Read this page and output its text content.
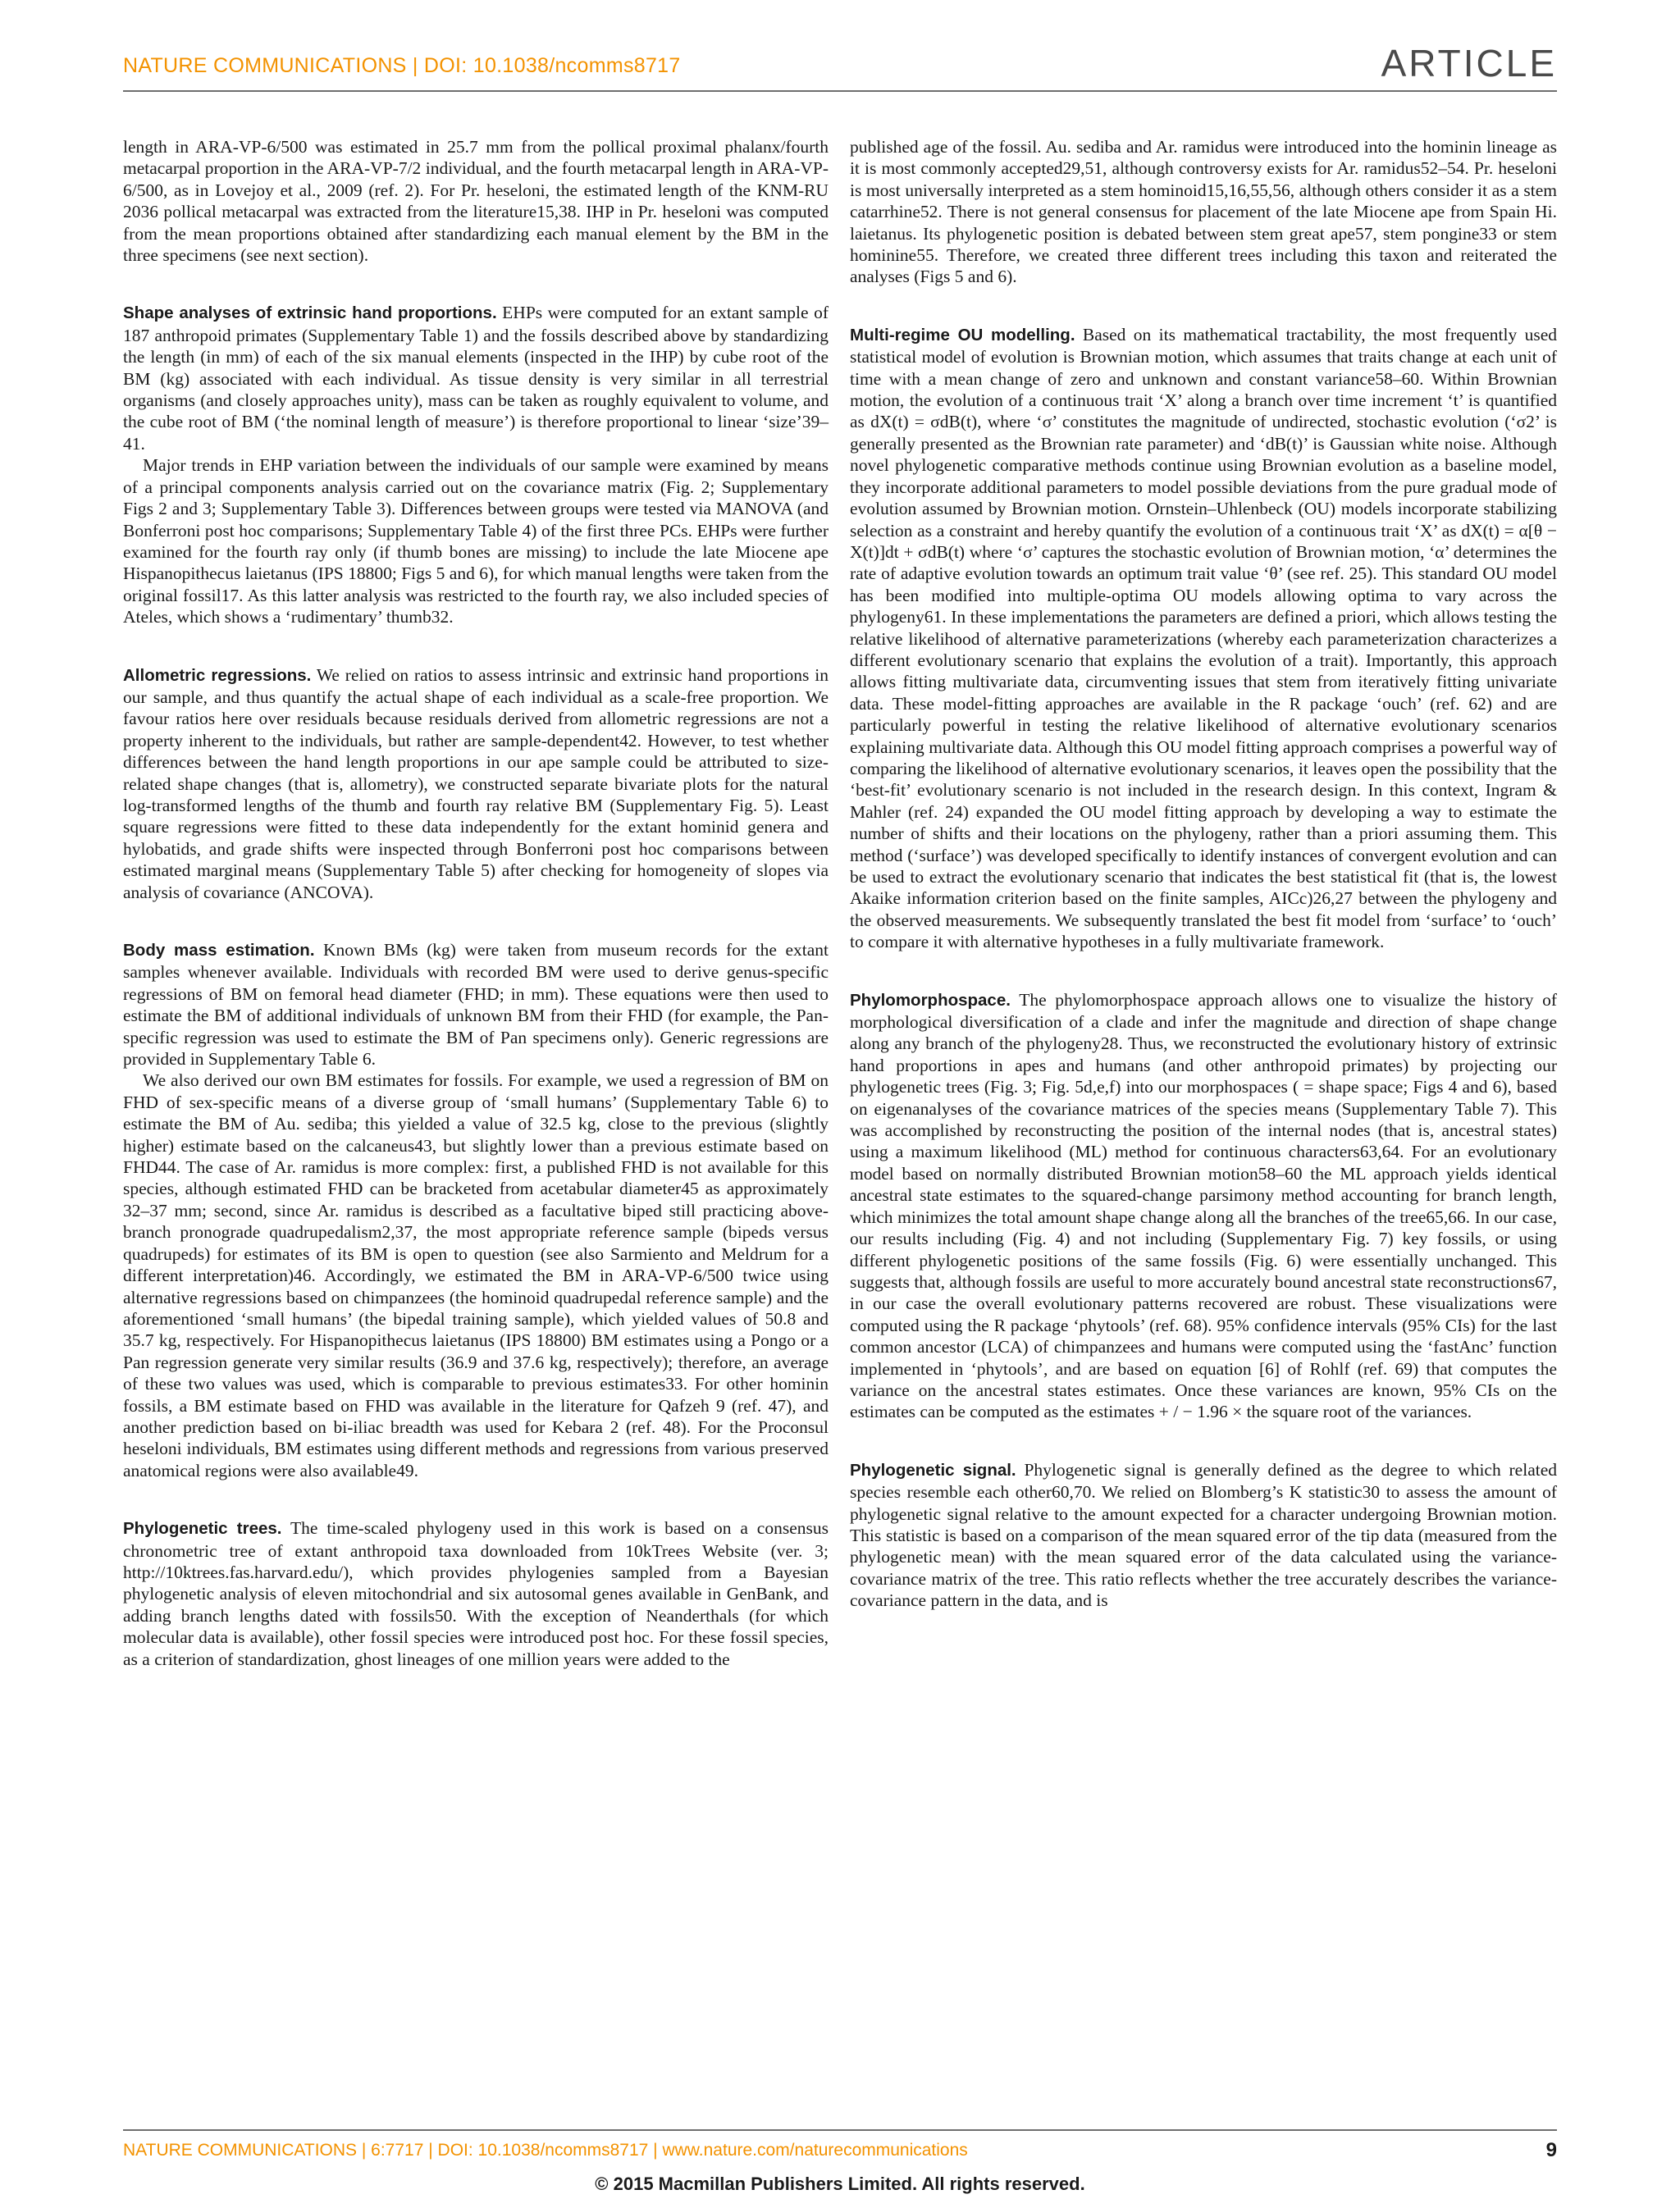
NATURE COMMUNICATIONS | DOI: 10.1038/ncomms8717	ARTICLE

length in ARA-VP-6/500 was estimated in 25.7 mm from the pollical proximal phalanx/fourth metacarpal proportion in the ARA-VP-7/2 individual, and the fourth metacarpal length in ARA-VP-6/500, as in Lovejoy et al., 2009 (ref. 2). For Pr. heseloni, the estimated length of the KNM-RU 2036 pollical metacarpal was extracted from the literature15,38. IHP in Pr. heseloni was computed from the mean proportions obtained after standardizing each manual element by the BM in the three specimens (see next section).

Shape analyses of extrinsic hand proportions. EHPs were computed for an extant sample of 187 anthropoid primates (Supplementary Table 1) and the fossils described above by standardizing the length (in mm) of each of the six manual elements (inspected in the IHP) by cube root of the BM (kg) associated with each individual. As tissue density is very similar in all terrestrial organisms (and closely approaches unity), mass can be taken as roughly equivalent to volume, and the cube root of BM (‘the nominal length of measure’) is therefore proportional to linear ‘size’39–41.

Major trends in EHP variation between the individuals of our sample were examined by means of a principal components analysis carried out on the covariance matrix (Fig. 2; Supplementary Figs 2 and 3; Supplementary Table 3). Differences between groups were tested via MANOVA (and Bonferroni post hoc comparisons; Supplementary Table 4) of the first three PCs. EHPs were further examined for the fourth ray only (if thumb bones are missing) to include the late Miocene ape Hispanopithecus laietanus (IPS 18800; Figs 5 and 6), for which manual lengths were taken from the original fossil17. As this latter analysis was restricted to the fourth ray, we also included species of Ateles, which shows a ‘rudimentary’ thumb32.

Allometric regressions. We relied on ratios to assess intrinsic and extrinsic hand proportions in our sample, and thus quantify the actual shape of each individual as a scale-free proportion. We favour ratios here over residuals because residuals derived from allometric regressions are not a property inherent to the individuals, but rather are sample-dependent42. However, to test whether differences between the hand length proportions in our ape sample could be attributed to size-related shape changes (that is, allometry), we constructed separate bivariate plots for the natural log-transformed lengths of the thumb and fourth ray relative BM (Supplementary Fig. 5). Least square regressions were fitted to these data independently for the extant hominid genera and hylobatids, and grade shifts were inspected through Bonferroni post hoc comparisons between estimated marginal means (Supplementary Table 5) after checking for homogeneity of slopes via analysis of covariance (ANCOVA).

Body mass estimation. Known BMs (kg) were taken from museum records for the extant samples whenever available. Individuals with recorded BM were used to derive genus-specific regressions of BM on femoral head diameter (FHD; in mm). These equations were then used to estimate the BM of additional individuals of unknown BM from their FHD (for example, the Pan-specific regression was used to estimate the BM of Pan specimens only). Generic regressions are provided in Supplementary Table 6.

We also derived our own BM estimates for fossils. For example, we used a regression of BM on FHD of sex-specific means of a diverse group of ‘small humans’ (Supplementary Table 6) to estimate the BM of Au. sediba; this yielded a value of 32.5 kg, close to the previous (slightly higher) estimate based on the calcaneus43, but slightly lower than a previous estimate based on FHD44. The case of Ar. ramidus is more complex: first, a published FHD is not available for this species, although estimated FHD can be bracketed from acetabular diameter45 as approximately 32–37 mm; second, since Ar. ramidus is described as a facultative biped still practicing above-branch pronograde quadrupedalism2,37, the most appropriate reference sample (bipeds versus quadrupeds) for estimates of its BM is open to question (see also Sarmiento and Meldrum for a different interpretation)46. Accordingly, we estimated the BM in ARA-VP-6/500 twice using alternative regressions based on chimpanzees (the hominoid quadrupedal reference sample) and the aforementioned ‘small humans’ (the bipedal training sample), which yielded values of 50.8 and 35.7 kg, respectively. For Hispanopithecus laietanus (IPS 18800) BM estimates using a Pongo or a Pan regression generate very similar results (36.9 and 37.6 kg, respectively); therefore, an average of these two values was used, which is comparable to previous estimates33. For other hominin fossils, a BM estimate based on FHD was available in the literature for Qafzeh 9 (ref. 47), and another prediction based on bi-iliac breadth was used for Kebara 2 (ref. 48). For the Proconsul heseloni individuals, BM estimates using different methods and regressions from various preserved anatomical regions were also available49.

Phylogenetic trees. The time-scaled phylogeny used in this work is based on a consensus chronometric tree of extant anthropoid taxa downloaded from 10kTrees Website (ver. 3; http://10ktrees.fas.harvard.edu/), which provides phylogenies sampled from a Bayesian phylogenetic analysis of eleven mitochondrial and six autosomal genes available in GenBank, and adding branch lengths dated with fossils50. With the exception of Neanderthals (for which molecular data is available), other fossil species were introduced post hoc. For these fossil species, as a criterion of standardization, ghost lineages of one million years were added to the

published age of the fossil. Au. sediba and Ar. ramidus were introduced into the hominin lineage as it is most commonly accepted29,51, although controversy exists for Ar. ramidus52–54. Pr. heseloni is most universally interpreted as a stem hominoid15,16,55,56, although others consider it as a stem catarrhine52. There is not general consensus for placement of the late Miocene ape from Spain Hi. laietanus. Its phylogenetic position is debated between stem great ape57, stem pongine33 or stem hominine55. Therefore, we created three different trees including this taxon and reiterated the analyses (Figs 5 and 6).

Multi-regime OU modelling. Based on its mathematical tractability, the most frequently used statistical model of evolution is Brownian motion, which assumes that traits change at each unit of time with a mean change of zero and unknown and constant variance58–60. Within Brownian motion, the evolution of a continuous trait ‘X’ along a branch over time increment ‘t’ is quantified as dX(t) = σdB(t), where ‘σ’ constitutes the magnitude of undirected, stochastic evolution (‘σ2’ is generally presented as the Brownian rate parameter) and ‘dB(t)’ is Gaussian white noise. Although novel phylogenetic comparative methods continue using Brownian evolution as a baseline model, they incorporate additional parameters to model possible deviations from the pure gradual mode of evolution assumed by Brownian motion. Ornstein–Uhlenbeck (OU) models incorporate stabilizing selection as a constraint and hereby quantify the evolution of a continuous trait ‘X’ as dX(t) = α[θ − X(t)]dt + σdB(t) where ‘σ’ captures the stochastic evolution of Brownian motion, ‘α’ determines the rate of adaptive evolution towards an optimum trait value ‘θ’ (see ref. 25). This standard OU model has been modified into multiple-optima OU models allowing optima to vary across the phylogeny61. In these implementations the parameters are defined a priori, which allows testing the relative likelihood of alternative parameterizations (whereby each parameterization characterizes a different evolutionary scenario that explains the evolution of a trait). Importantly, this approach allows fitting multivariate data, circumventing issues that stem from iteratively fitting univariate data. These model-fitting approaches are available in the R package ‘ouch’ (ref. 62) and are particularly powerful in testing the relative likelihood of alternative evolutionary scenarios explaining multivariate data. Although this OU model fitting approach comprises a powerful way of comparing the likelihood of alternative evolutionary scenarios, it leaves open the possibility that the ‘best-fit’ evolutionary scenario is not included in the research design. In this context, Ingram & Mahler (ref. 24) expanded the OU model fitting approach by developing a way to estimate the number of shifts and their locations on the phylogeny, rather than a priori assuming them. This method (‘surface’) was developed specifically to identify instances of convergent evolution and can be used to extract the evolutionary scenario that indicates the best statistical fit (that is, the lowest Akaike information criterion based on the finite samples, AICc)26,27 between the phylogeny and the observed measurements. We subsequently translated the best fit model from ‘surface’ to ‘ouch’ to compare it with alternative hypotheses in a fully multivariate framework.

Phylomorphospace. The phylomorphospace approach allows one to visualize the history of morphological diversification of a clade and infer the magnitude and direction of shape change along any branch of the phylogeny28. Thus, we reconstructed the evolutionary history of extrinsic hand proportions in apes and humans (and other anthropoid primates) by projecting our phylogenetic trees (Fig. 3; Fig. 5d,e,f) into our morphospaces ( = shape space; Figs 4 and 6), based on eigenanalyses of the covariance matrices of the species means (Supplementary Table 7). This was accomplished by reconstructing the position of the internal nodes (that is, ancestral states) using a maximum likelihood (ML) method for continuous characters63,64. For an evolutionary model based on normally distributed Brownian motion58–60 the ML approach yields identical ancestral state estimates to the squared-change parsimony method accounting for branch length, which minimizes the total amount shape change along all the branches of the tree65,66. In our case, our results including (Fig. 4) and not including (Supplementary Fig. 7) key fossils, or using different phylogenetic positions of the same fossils (Fig. 6) were essentially unchanged. This suggests that, although fossils are useful to more accurately bound ancestral state reconstructions67, in our case the overall evolutionary patterns recovered are robust. These visualizations were computed using the R package ‘phytools’ (ref. 68). 95% confidence intervals (95% CIs) for the last common ancestor (LCA) of chimpanzees and humans were computed using the ‘fastAnc’ function implemented in ‘phytools’, and are based on equation [6] of Rohlf (ref. 69) that computes the variance on the ancestral states estimates. Once these variances are known, 95% CIs on the estimates can be computed as the estimates + / − 1.96 × the square root of the variances.

Phylogenetic signal. Phylogenetic signal is generally defined as the degree to which related species resemble each other60,70. We relied on Blomberg’s K statistic30 to assess the amount of phylogenetic signal relative to the amount expected for a character undergoing Brownian motion. This statistic is based on a comparison of the mean squared error of the tip data (measured from the phylogenetic mean) with the mean squared error of the data calculated using the variance-covariance matrix of the tree. This ratio reflects whether the tree accurately describes the variance-covariance pattern in the data, and is

NATURE COMMUNICATIONS | 6:7717 | DOI: 10.1038/ncomms8717 | www.nature.com/naturecommunications	9
© 2015 Macmillan Publishers Limited. All rights reserved.
